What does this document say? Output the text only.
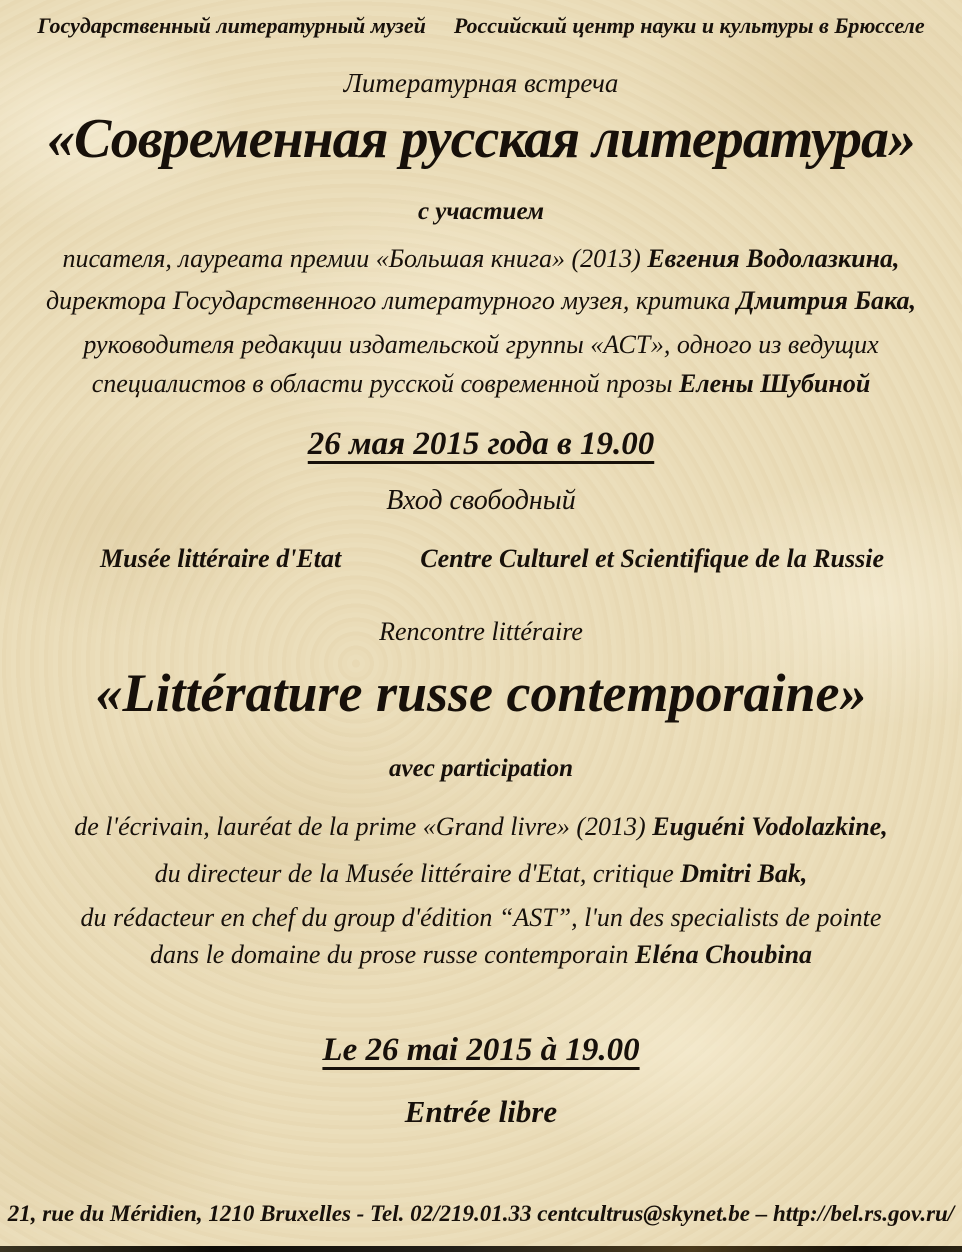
Государственный литературный музей Российский центр науки и культуры в Брюсселе

Литературная встреча

«Современная русская литература»

с участием

писателя, лауреата премии «Большая книга» (2013) Евгения Водолазкина,

директора Государственного литературного музея, критика Дмитрия Бака,

руководителя редакции издательской группы «АСТ», одного из ведущих

специалистов в области русской современной прозы Елены Шубиной

26 мая 2015 года в 19.00

Вход свободный

Musée littéraire d'Etat	Centre Culturel et Scientifique de la Russie

Rencontre littéraire

«Littérature russe contemporaine»

avec participation

de l'écrivain, lauréat de la prime «Grand livre» (2013) Euguéni Vodolazkine,

du directeur de la Musée littéraire d'Etat, critique Dmitri Bak,

du rédacteur en chef du group d'édition “AST”, l'un des specialists de pointe

dans le domaine du prose russe contemporain Eléna Choubina

Le 26 mai 2015 à 19.00

Entrée libre

21, rue du Méridien, 1210 Bruxelles - Tel. 02/219.01.33 centcultrus@skynet.be – http://bel.rs.gov.ru/
